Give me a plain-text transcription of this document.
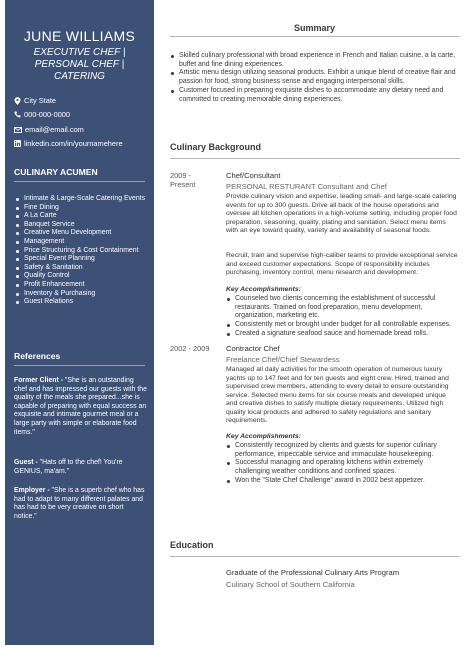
JUNE WILLIAMS
EXECUTIVE CHEF |
PERSONAL CHEF |
CATERING
City State
000-000-0000
email@email.com
linkedin.com/in/yournamehere
CULINARY ACUMEN
Intimate & Large-Scale Catering Events
Fine Dining
A La Carte
Banquet Service
Creative Menu Development
Management
Price Structuring & Cost Containment
Special Event Planning
Safety & Sanitation
Quality Control
Profit Enhancement
Inventory & Purchasing
Guest Relations
References
Former Client - "She is an outstanding chef and has impressed our guests with the quality of the meals she prepared...she is capable of preparing with equal success an exquisite and intimate gourmet meal or a large party with simple or elaborate food items."
Guest - "Hats off to the chef! You're GENIUS, ma'am."
Employer - "She is a superb chef who has had to adapt to many different palates and has had to be very creative on short notice."
Summary
Skilled culinary professional with broad experience in French and Italian cuisine, a la carte, buffet and fine dining experiences.
Artistic menu design utilizing seasonal products. Exhibit a unique blend of creative flair and passion for food, strong business sense and engaging interpersonal skills.
Customer focused in preparing exquisite dishes to accommodate any dietary need and committed to creating memorable dining experiences.
Culinary Background
2009 -
Present
Chef/Consultant
PERSONAL RESTURANT Consultant and Chef

Provide culinary vision and expertise, leading small- and large-scale catering events for up to 300 guests. Drive all back of the house operations and oversee all kitchen operations in a high-volume setting, including proper food preparation, seasoning, quality, plating and sanitation. Select menu items with an eye toward quality, variety and availability of seasonal foods.

Recruit, train and supervise high-caliber teams to provide exceptional service and exceed customer expectations. Scope of responsibility includes purchasing, inventory control, menu research and development.

Key Accomplishments:
Counseled two clients concerning the establishment of successful restaurants. Trained on food preparation, menu development, organization, marketing etc.
Consistently met or brought under budget for all controllable expenses.
Created a signature seafood sauce and homemade bread rolls.
2002 - 2009 Contractor Chef
Freelance Chef/Chief Stewardess

Managed all daily activities for the smooth operation of numerous luxury yachts up to 147 feet and for ten guests and eight crew. Hired, trained and supervised crew members, attending to every detail to ensure outstanding service. Selected menu items for six course meals and developed unique and creative dishes to satisfy multiple dietary requirements. Utilized high quality local products and adhered to safety regulations and sanitary requirements.

Key Accomplishments:
Consistently recognized by clients and guests for superior culinary performance, impeccable service and immaculate housekeeping.
Successful managing and operating kitchens within extremely challenging weather conditions and confined spaces.
Won the "State Chef Challenge" award in 2002 best appetizer.
Education
Graduate of the Professional Culinary Arts Program
Culinary School of Southern California
